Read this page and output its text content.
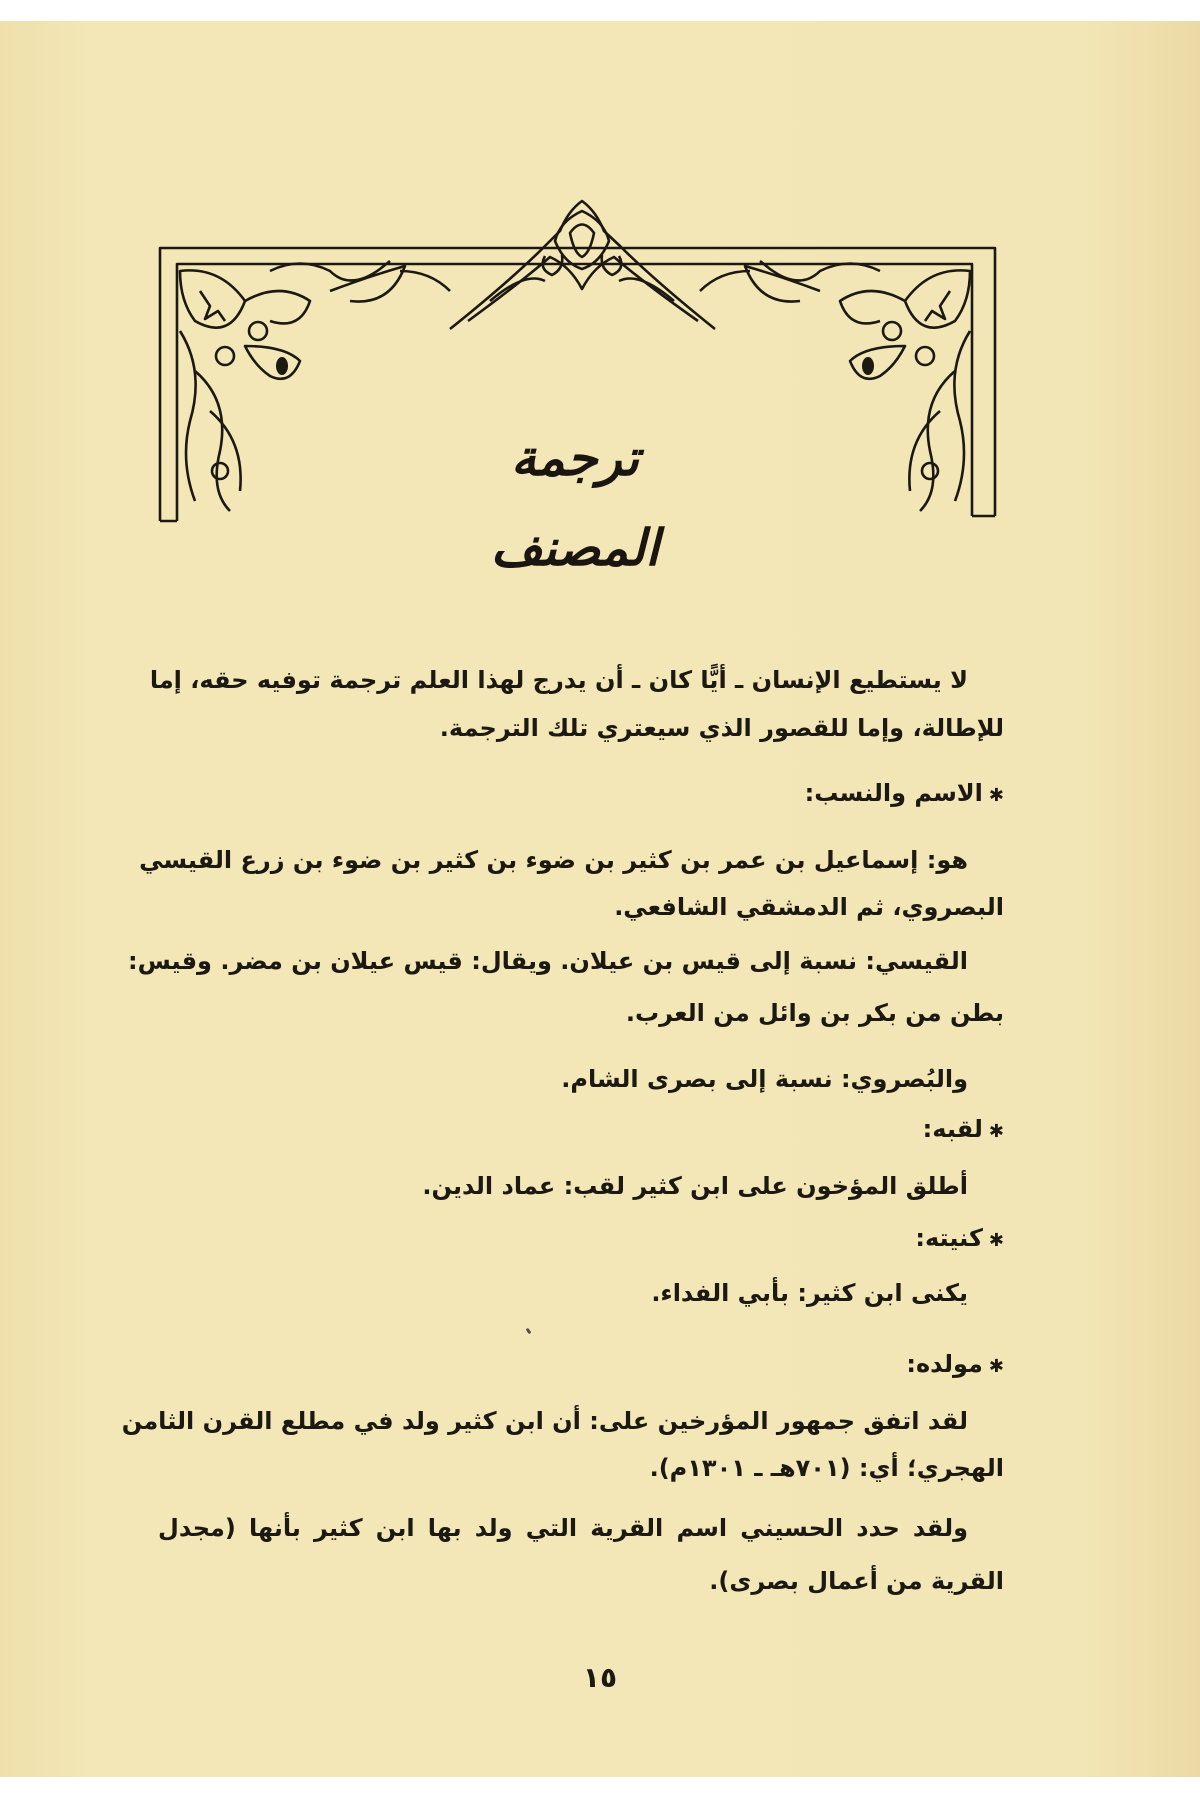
ترجمة المصنف
لا يستطيع الإنسان ـ أيًّا كان ـ أن يدرج لهذا العلم ترجمة توفيه حقه، إما
للإطالة، وإما للقصور الذي سيعتري تلك الترجمة.
✱الاسم والنسب:
هو: إسماعيل بن عمر بن كثير بن ضوء بن كثير بن ضوء بن زرع القيسي
البصروي، ثم الدمشقي الشافعي.
القيسي: نسبة إلى قيس بن عيلان. ويقال: قيس عيلان بن مضر. وقيس:
بطن من بكر بن وائل من العرب.
والبُصروي: نسبة إلى بصرى الشام.
✱لقبه:
أطلق المؤخون على ابن كثير لقب: عماد الدين.
✱كنيته:
يكنى ابن كثير: بأبي الفداء.
✱مولده:
لقد اتفق جمهور المؤرخين على: أن ابن كثير ولد في مطلع القرن الثامن
الهجري؛ أي: (٧٠١هـ ـ ١٣٠١م).
ولقد حدد الحسيني اسم القرية التي ولد بها ابن كثير بأنها (مجدل
القرية من أعمال بصرى).
١٥
